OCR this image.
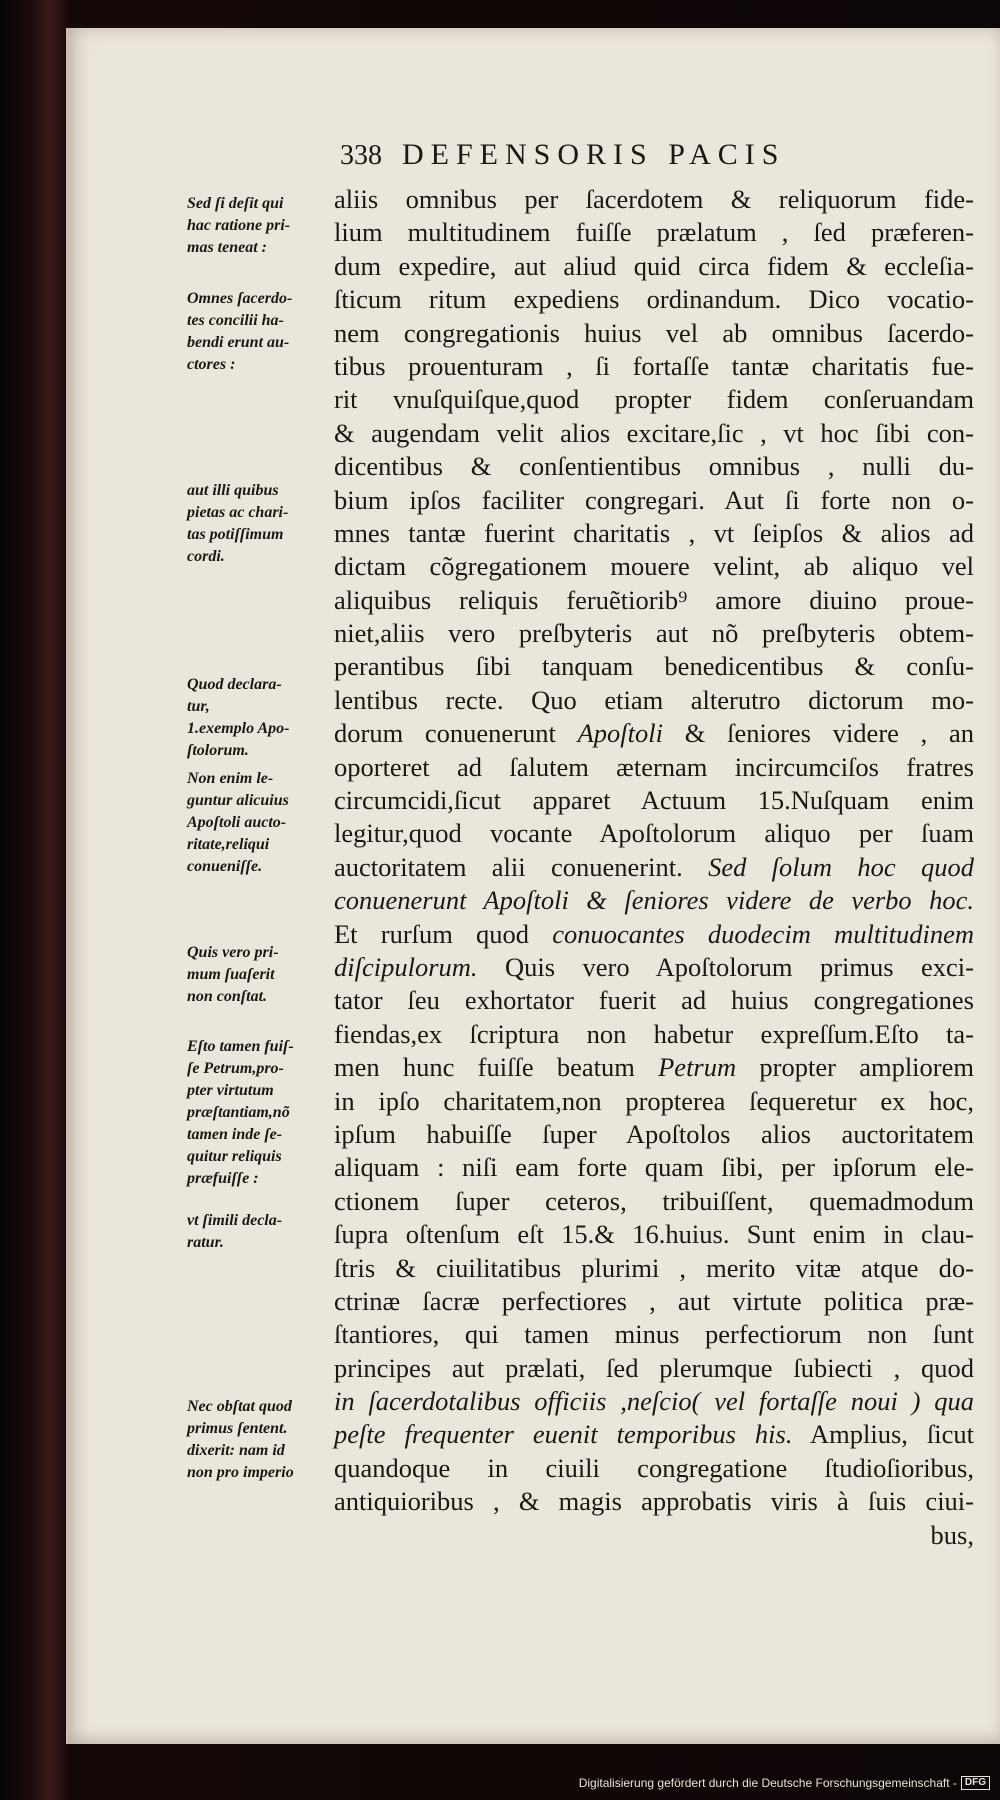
338 DEFENSORIS PACIS
Sed ſi deſit qui
hac ratione pri-
mas teneat :
Omnes ſacerdo-
tes concilii ha-
bendi erunt au-
ctores :
aut illi quibus
pietas ac chari-
tas potiſſimum
cordi.
Quod declara-
tur,
1.exemplo Apo-
ſtolorum.
Non enim le-
guntur alicuius
Apoſtoli aucto-
ritate,reliqui
conueniſſe.
Quis vero pri-
mum ſuaſerit
non conſtat.
Eſto tamen fuiſ-
ſe Petrum,pro-
pter virtutum
præſtantiam,nõ
tamen inde ſe-
quitur reliquis
præfuiſſe :
vt ſimili decla-
ratur.
Nec obſtat quod
primus ſentent.
dixerit: nam id
non pro imperio
aliis omnibus per ſacerdotem & reliquorum fide-
lium multitudinem fuiſſe prælatum , ſed præferen-
dum expedire, aut aliud quid circa fidem & eccleſia-
ſticum ritum expediens ordinandum. Dico vocatio-
nem congregationis huius vel ab omnibus ſacerdo-
tibus prouenturam , ſi fortaſſe tantæ charitatis fue-
rit vnuſquiſque,quod propter fidem conſeruandam
& augendam velit alios excitare,ſic , vt hoc ſibi con-
dicentibus & conſentientibus omnibus , nulli du-
bium ipſos faciliter congregari. Aut ſi forte non o-
mnes tantæ fuerint charitatis , vt ſeipſos & alios ad
dictam cõgregationem mouere velint, ab aliquo vel
aliquibus reliquis feruẽtiorib⁹ amore diuino proue-
niet,aliis vero preſbyteris aut nõ preſbyteris obtem-
perantibus ſibi tanquam benedicentibus & conſu-
lentibus recte. Quo etiam alterutro dictorum mo-
dorum conuenerunt Apoſtoli & ſeniores videre , an
oporteret ad ſalutem æternam incircumciſos fratres
circumcidi,ſicut apparet Actuum 15.Nuſquam enim
legitur,quod vocante Apoſtolorum aliquo per ſuam
auctoritatem alii conuenerint. Sed ſolum hoc quod
conuenerunt Apoſtoli & ſeniores videre de verbo hoc.
Et rurſum quod conuocantes duodecim multitudinem
diſcipulorum. Quis vero Apoſtolorum primus exci-
tator ſeu exhortator fuerit ad huius congregationes
fiendas,ex ſcriptura non habetur expreſſum.Eſto ta-
men hunc fuiſſe beatum Petrum propter ampliorem
in ipſo charitatem,non propterea ſequeretur ex hoc,
ipſum habuiſſe ſuper Apoſtolos alios auctoritatem
aliquam : niſi eam forte quam ſibi, per ipſorum ele-
ctionem ſuper ceteros, tribuiſſent, quemadmodum
ſupra oſtenſum eſt 15.& 16.huius. Sunt enim in clau-
ſtris & ciuilitatibus plurimi , merito vitæ atque do-
ctrinæ ſacræ perfectiores , aut virtute politica præ-
ſtantiores, qui tamen minus perfectiorum non ſunt
principes aut prælati, ſed plerumque ſubiecti , quod
in ſacerdotalibus officiis ,neſcio( vel fortaſſe noui ) qua
peſte frequenter euenit temporibus his. Amplius, ſicut
quandoque in ciuili congregatione ſtudioſioribus,
antiquioribus , & magis approbatis viris à ſuis ciui-
bus,
Digitalisierung gefördert durch die Deutsche Forschungsgemeinschaft - DFG
